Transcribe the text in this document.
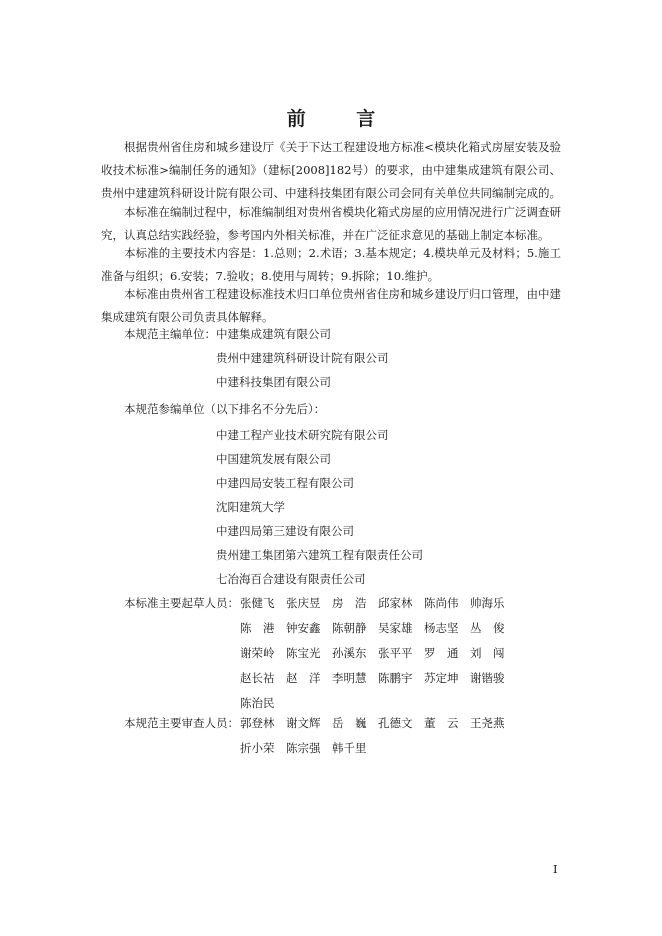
前 言

根据贵州省住房和城乡建设厅《关于下达工程建设地方标准<模块化箱式房屋安装及验收技术标准>编制任务的通知》（建标[2008]182号）的要求，由中建集成建筑有限公司、贵州中建建筑科研设计院有限公司、中建科技集团有限公司会同有关单位共同编制完成的。

本标准在编制过程中，标准编制组对贵州省模块化箱式房屋的应用情况进行广泛调查研究，认真总结实践经验，参考国内外相关标准，并在广泛征求意见的基础上制定本标准。

本标准的主要技术内容是：1.总则；2.术语；3.基本规定；4.模块单元及材料；5.施工准备与组织；6.安装；7.验收；8.使用与周转；9.拆除；10.维护。

本标准由贵州省工程建设标准技术归口单位贵州省住房和城乡建设厅归口管理，由中建集成建筑有限公司负责具体解释。

本规范主编单位： 中建集成建筑有限公司
贵州中建建筑科研设计院有限公司
中建科技集团有限公司
本规范参编单位（以下排名不分先后）：
中建工程产业技术研究院有限公司
中国建筑发展有限公司
中建四局安装工程有限公司
沈阳建筑大学
中建四局第三建设有限公司
贵州建工集团第六建筑工程有限责任公司
七冶海百合建设有限责任公司
本标准主要起草人员： 张健飞	张庆昱	房　浩	邱家林	陈尚伟	帅海乐
陈　港	钟安鑫	陈朝静	吴家雄	杨志坚	丛　俊
谢荣岭	陈宝光	孙溪东	张平平	罗　通	刘　闯
赵长祜	赵　洋	李明慧	陈鹏宇	苏定坤	谢锴骏
陈治民
本规范主要审查人员： 郭登林	谢文辉	岳　巍	孔德文	董　云	王尧燕
折小荣	陈宗强	韩千里
I
